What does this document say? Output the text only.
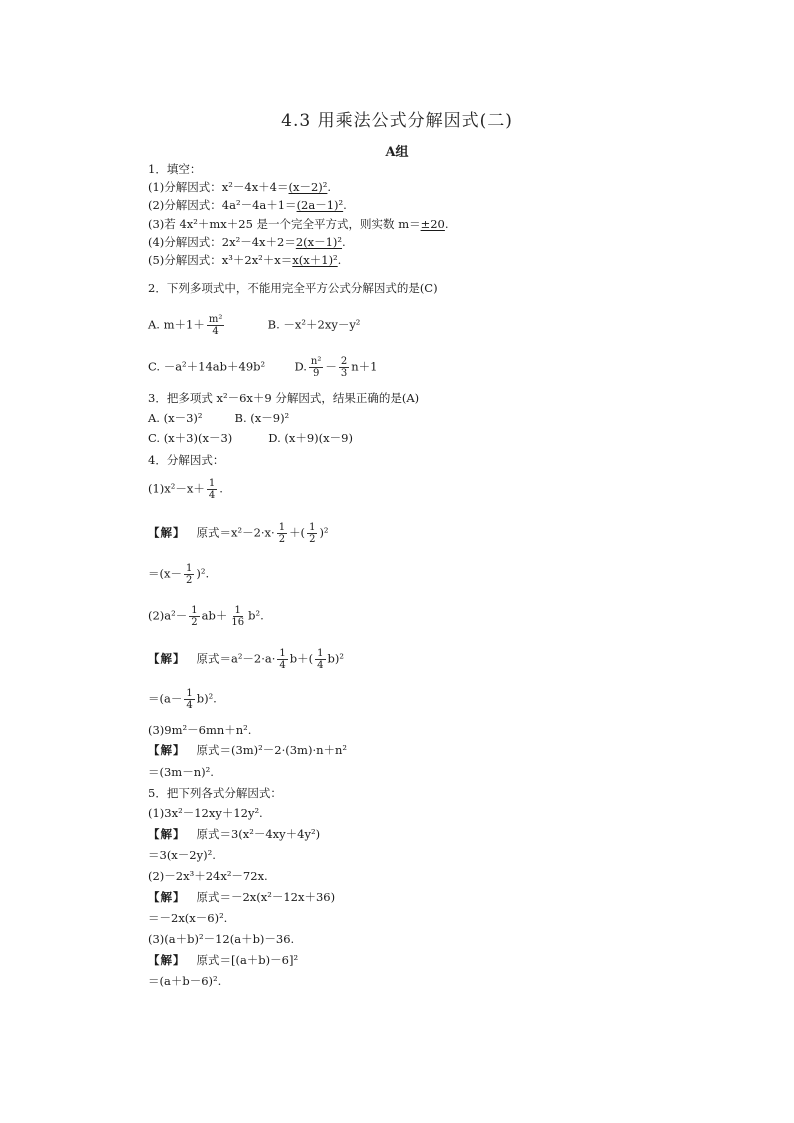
4.3 用乘法公式分解因式(二)
A组
1．填空：
(1)分解因式：x²－4x＋4＝(x－2)².
(2)分解因式：4a²－4a＋1＝(2a－1)².
(3)若 4x²＋mx＋25 是一个完全平方式，则实数 m＝±20.
(4)分解因式：2x²－4x＋2＝2(x－1)².
(5)分解因式：x³＋2x²＋x＝x(x＋1)².
2．下列多项式中，不能用完全平方公式分解因式的是(C)
A. $m+1+ \frac{\text{m²}}{4}$	B. －x²＋2xy－y²
C. －a²＋14ab＋49b²	D. $\frac{\text{n²}}{9} - \frac{2}{3} n+1$
3．把多项式 x²－6x＋9 分解因式，结果正确的是(A)
A. (x－3)²	B. (x－9)²
C. (x＋3)(x－3)	D. (x＋9)(x－9)
4．分解因式：
$(1)x^2-x+ \frac{1}{4}$ .
【解】 原式$=x^2-2\cdot x\cdot \frac{1}{2}$ ＋( $\frac{1}{2} )^2$
$=(x- \frac{1}{2} )^2$.
$(2)a^2- \frac{1}{2} ab+ \frac{1}{16} b^2$.
【解】 原式$=a^2-2\cdot a\cdot \frac{1}{4} b+( \frac{1}{4} b)^2$
$=(a- \frac{1}{4} b)^2$.
(3)9m²－6mn＋n².
【解】 原式＝(3m)²－2·(3m)·n＋n²
＝(3m－n)².
5．把下列各式分解因式：
(1)3x²－12xy＋12y².
【解】 原式＝3(x²－4xy＋4y²)
＝3(x－2y)².
(2)－2x³＋24x²－72x.
【解】 原式＝－2x(x²－12x＋36)
＝－2x(x－6)².
(3)(a＋b)²－12(a＋b)－36.
【解】 原式＝[(a＋b)－6]²
＝(a＋b－6)².
